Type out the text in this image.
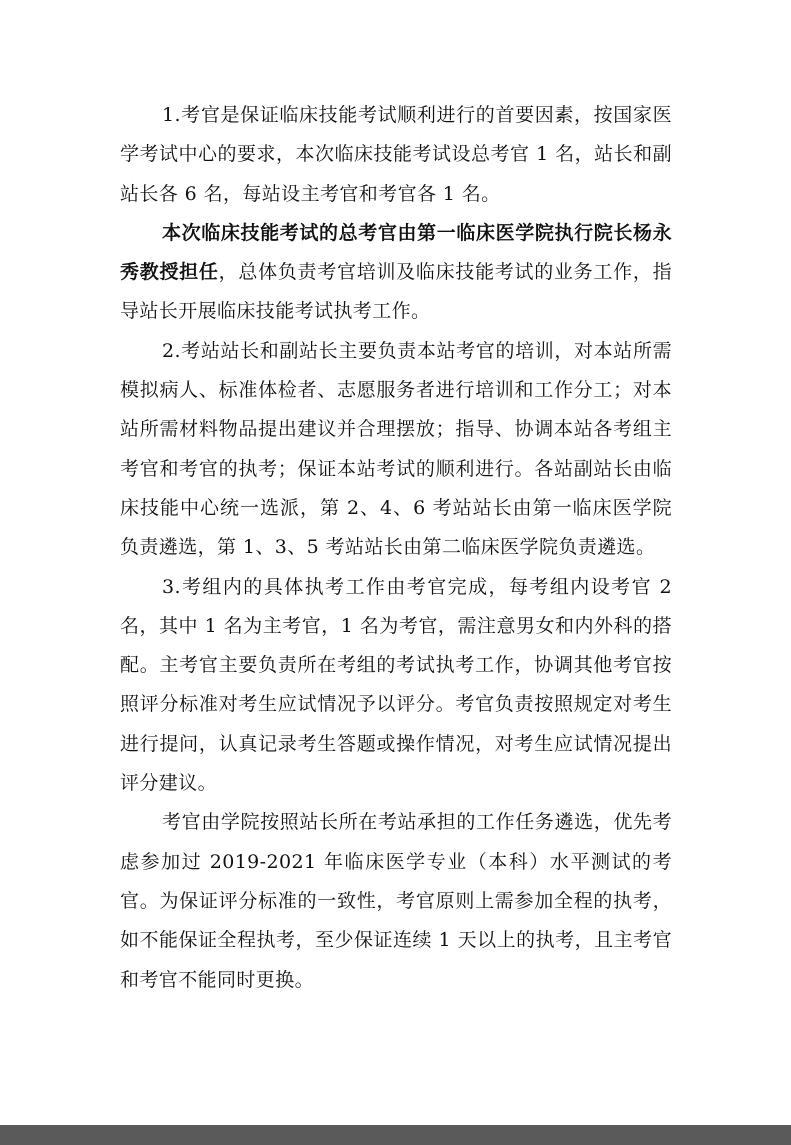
1.考官是保证临床技能考试顺利进行的首要因素，按国家医学考试中心的要求，本次临床技能考试设总考官 1 名，站长和副站长各 6 名，每站设主考官和考官各 1 名。

本次临床技能考试的总考官由第一临床医学院执行院长杨永秀教授担任，总体负责考官培训及临床技能考试的业务工作，指导站长开展临床技能考试执考工作。

2.考站站长和副站长主要负责本站考官的培训，对本站所需模拟病人、标准体检者、志愿服务者进行培训和工作分工；对本站所需材料物品提出建议并合理摆放；指导、协调本站各考组主考官和考官的执考；保证本站考试的顺利进行。各站副站长由临床技能中心统一选派，第 2、4、6 考站站长由第一临床医学院负责遴选，第 1、3、5 考站站长由第二临床医学院负责遴选。

3.考组内的具体执考工作由考官完成，每考组内设考官 2 名，其中 1 名为主考官，1 名为考官，需注意男女和内外科的搭配。主考官主要负责所在考组的考试执考工作，协调其他考官按照评分标准对考生应试情况予以评分。考官负责按照规定对考生进行提问，认真记录考生答题或操作情况，对考生应试情况提出评分建议。

考官由学院按照站长所在考站承担的工作任务遴选，优先考虑参加过 2019-2021 年临床医学专业（本科）水平测试的考官。为保证评分标准的一致性，考官原则上需参加全程的执考，如不能保证全程执考，至少保证连续 1 天以上的执考，且主考官和考官不能同时更换。
